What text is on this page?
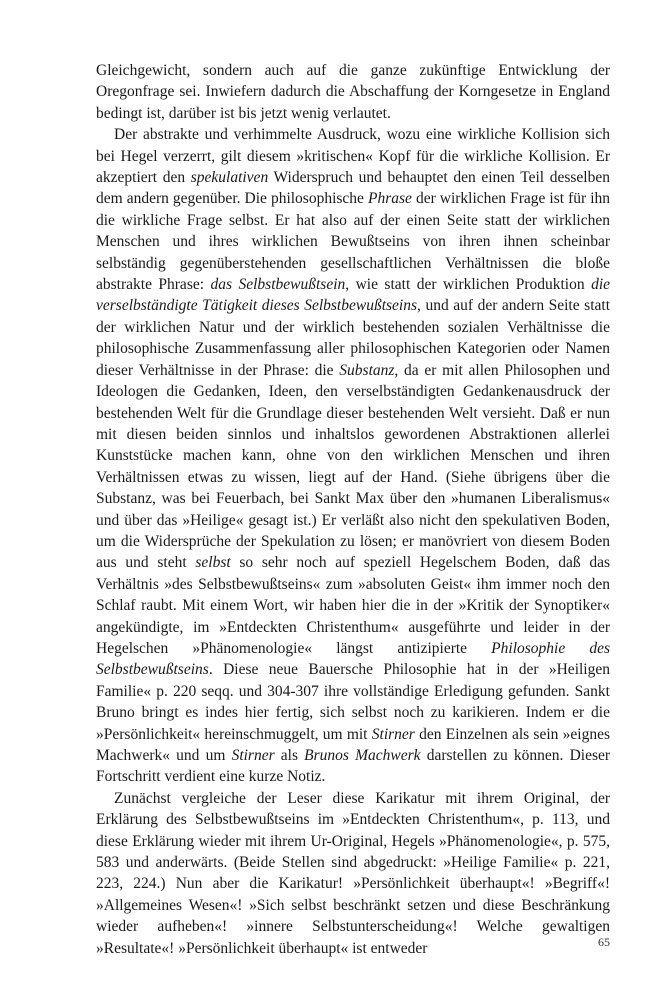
Gleichgewicht, sondern auch auf die ganze zukünftige Entwicklung der Oregonfrage sei. Inwiefern dadurch die Abschaffung der Korngesetze in England bedingt ist, darüber ist bis jetzt wenig verlautet.

Der abstrakte und verhimmelte Ausdruck, wozu eine wirkliche Kollision sich bei Hegel verzerrt, gilt diesem »kritischen« Kopf für die wirkliche Kollision. Er akzeptiert den spekulativen Widerspruch und behauptet den einen Teil desselben dem andern gegenüber. Die philosophische Phrase der wirklichen Frage ist für ihn die wirkliche Frage selbst. Er hat also auf der einen Seite statt der wirklichen Menschen und ihres wirklichen Bewußtseins von ihren ihnen scheinbar selbständig gegenüberstehenden gesellschaftlichen Verhältnissen die bloße abstrakte Phrase: das Selbstbewußtsein, wie statt der wirklichen Produktion die verselbständigte Tätigkeit dieses Selbstbewußtseins, und auf der andern Seite statt der wirklichen Natur und der wirklich bestehenden sozialen Verhältnisse die philosophische Zusammenfassung aller philosophischen Kategorien oder Namen dieser Verhältnisse in der Phrase: die Substanz, da er mit allen Philosophen und Ideologen die Gedanken, Ideen, den verselbständigten Gedankenausdruck der bestehenden Welt für die Grundlage dieser bestehenden Welt versieht. Daß er nun mit diesen beiden sinnlos und inhaltslos gewordenen Abstraktionen allerlei Kunststücke machen kann, ohne von den wirklichen Menschen und ihren Verhältnissen etwas zu wissen, liegt auf der Hand. (Siehe übrigens über die Substanz, was bei Feuerbach, bei Sankt Max über den »humanen Liberalismus« und über das »Heilige« gesagt ist.) Er verläßt also nicht den spekulativen Boden, um die Widersprüche der Spekulation zu lösen; er manövriert von diesem Boden aus und steht selbst so sehr noch auf speziell Hegelschem Boden, daß das Verhältnis »des Selbstbewußtseins« zum »absoluten Geist« ihm immer noch den Schlaf raubt. Mit einem Wort, wir haben hier die in der »Kritik der Synoptiker« angekündigte, im »Entdeckten Christenthum« ausgeführte und leider in der Hegelschen »Phänomenologie« längst antizipierte Philosophie des Selbstbewußtseins. Diese neue Bauersche Philosophie hat in der »Heiligen Familie« p. 220 seqq. und 304-307 ihre vollständige Erledigung gefunden. Sankt Bruno bringt es indes hier fertig, sich selbst noch zu karikieren. Indem er die »Persönlichkeit« hereinschmuggelt, um mit Stirner den Einzelnen als sein »eignes Machwerk« und um Stirner als Brunos Machwerk darstellen zu können. Dieser Fortschritt verdient eine kurze Notiz.

Zunächst vergleiche der Leser diese Karikatur mit ihrem Original, der Erklärung des Selbstbewußtseins im »Entdeckten Christenthum«, p. 113, und diese Erklärung wieder mit ihrem Ur-Original, Hegels »Phänomenologie«, p. 575, 583 und anderwärts. (Beide Stellen sind abgedruckt: »Heilige Familie« p. 221, 223, 224.) Nun aber die Karikatur! »Persönlichkeit überhaupt«! »Begriff«! »Allgemeines Wesen«! »Sich selbst beschränkt setzen und diese Beschränkung wieder aufheben«! »innere Selbstunterscheidung«! Welche gewaltigen »Resultate«! »Persönlichkeit überhaupt« ist entweder	65
